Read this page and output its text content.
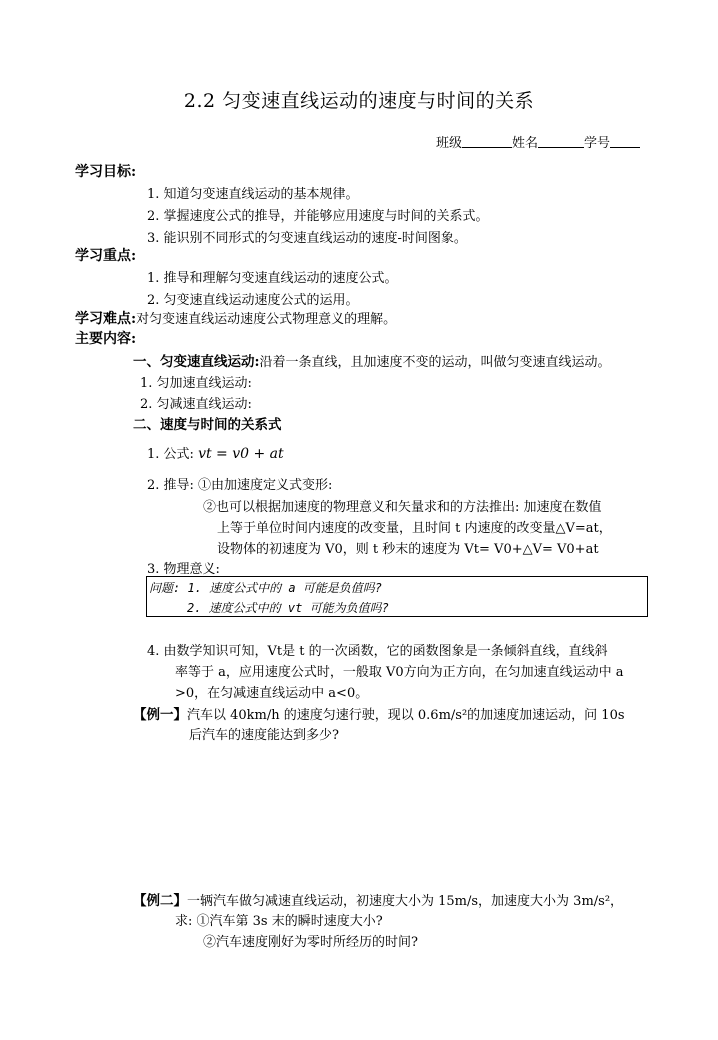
2.2 匀变速直线运动的速度与时间的关系
班级	姓名	学号
学习目标:
1. 知道匀变速直线运动的基本规律。
2. 掌握速度公式的推导，并能够应用速度与时间的关系式。
3. 能识别不同形式的匀变速直线运动的速度-时间图象。
学习重点:
1. 推导和理解匀变速直线运动的速度公式。
2. 匀变速直线运动速度公式的运用。
学习难点:对匀变速直线运动速度公式物理意义的理解。
主要内容:
一、匀变速直线运动:沿着一条直线，且加速度不变的运动，叫做匀变速直线运动。
1. 匀加速直线运动:
2. 匀减速直线运动:
二、速度与时间的关系式
1. 公式: vt = v0 + at
2. 推导: ①由加速度定义式变形:
②也可以根据加速度的物理意义和矢量求和的方法推出: 加速度在数值
上等于单位时间内速度的改变量，且时间 t 内速度的改变量△V=at，
设物体的初速度为 V0，则 t 秒末的速度为 Vt= V0+△V= V0+at
3. 物理意义:
问题: 1. 速度公式中的 a 可能是负值吗?
2. 速度公式中的 vt 可能为负值吗?
4. 由数学知识可知，Vt是 t 的一次函数，它的函数图象是一条倾斜直线，直线斜
率等于 a，应用速度公式时，一般取 V0方向为正方向，在匀加速直线运动中 a
>0，在匀减速直线运动中 a<0。
【例一】汽车以 40km/h 的速度匀速行驶，现以 0.6m/s²的加速度加速运动，问 10s
后汽车的速度能达到多少?
【例二】一辆汽车做匀减速直线运动，初速度大小为 15m/s，加速度大小为 3m/s²，
求: ①汽车第 3s 末的瞬时速度大小?
②汽车速度刚好为零时所经历的时间?
